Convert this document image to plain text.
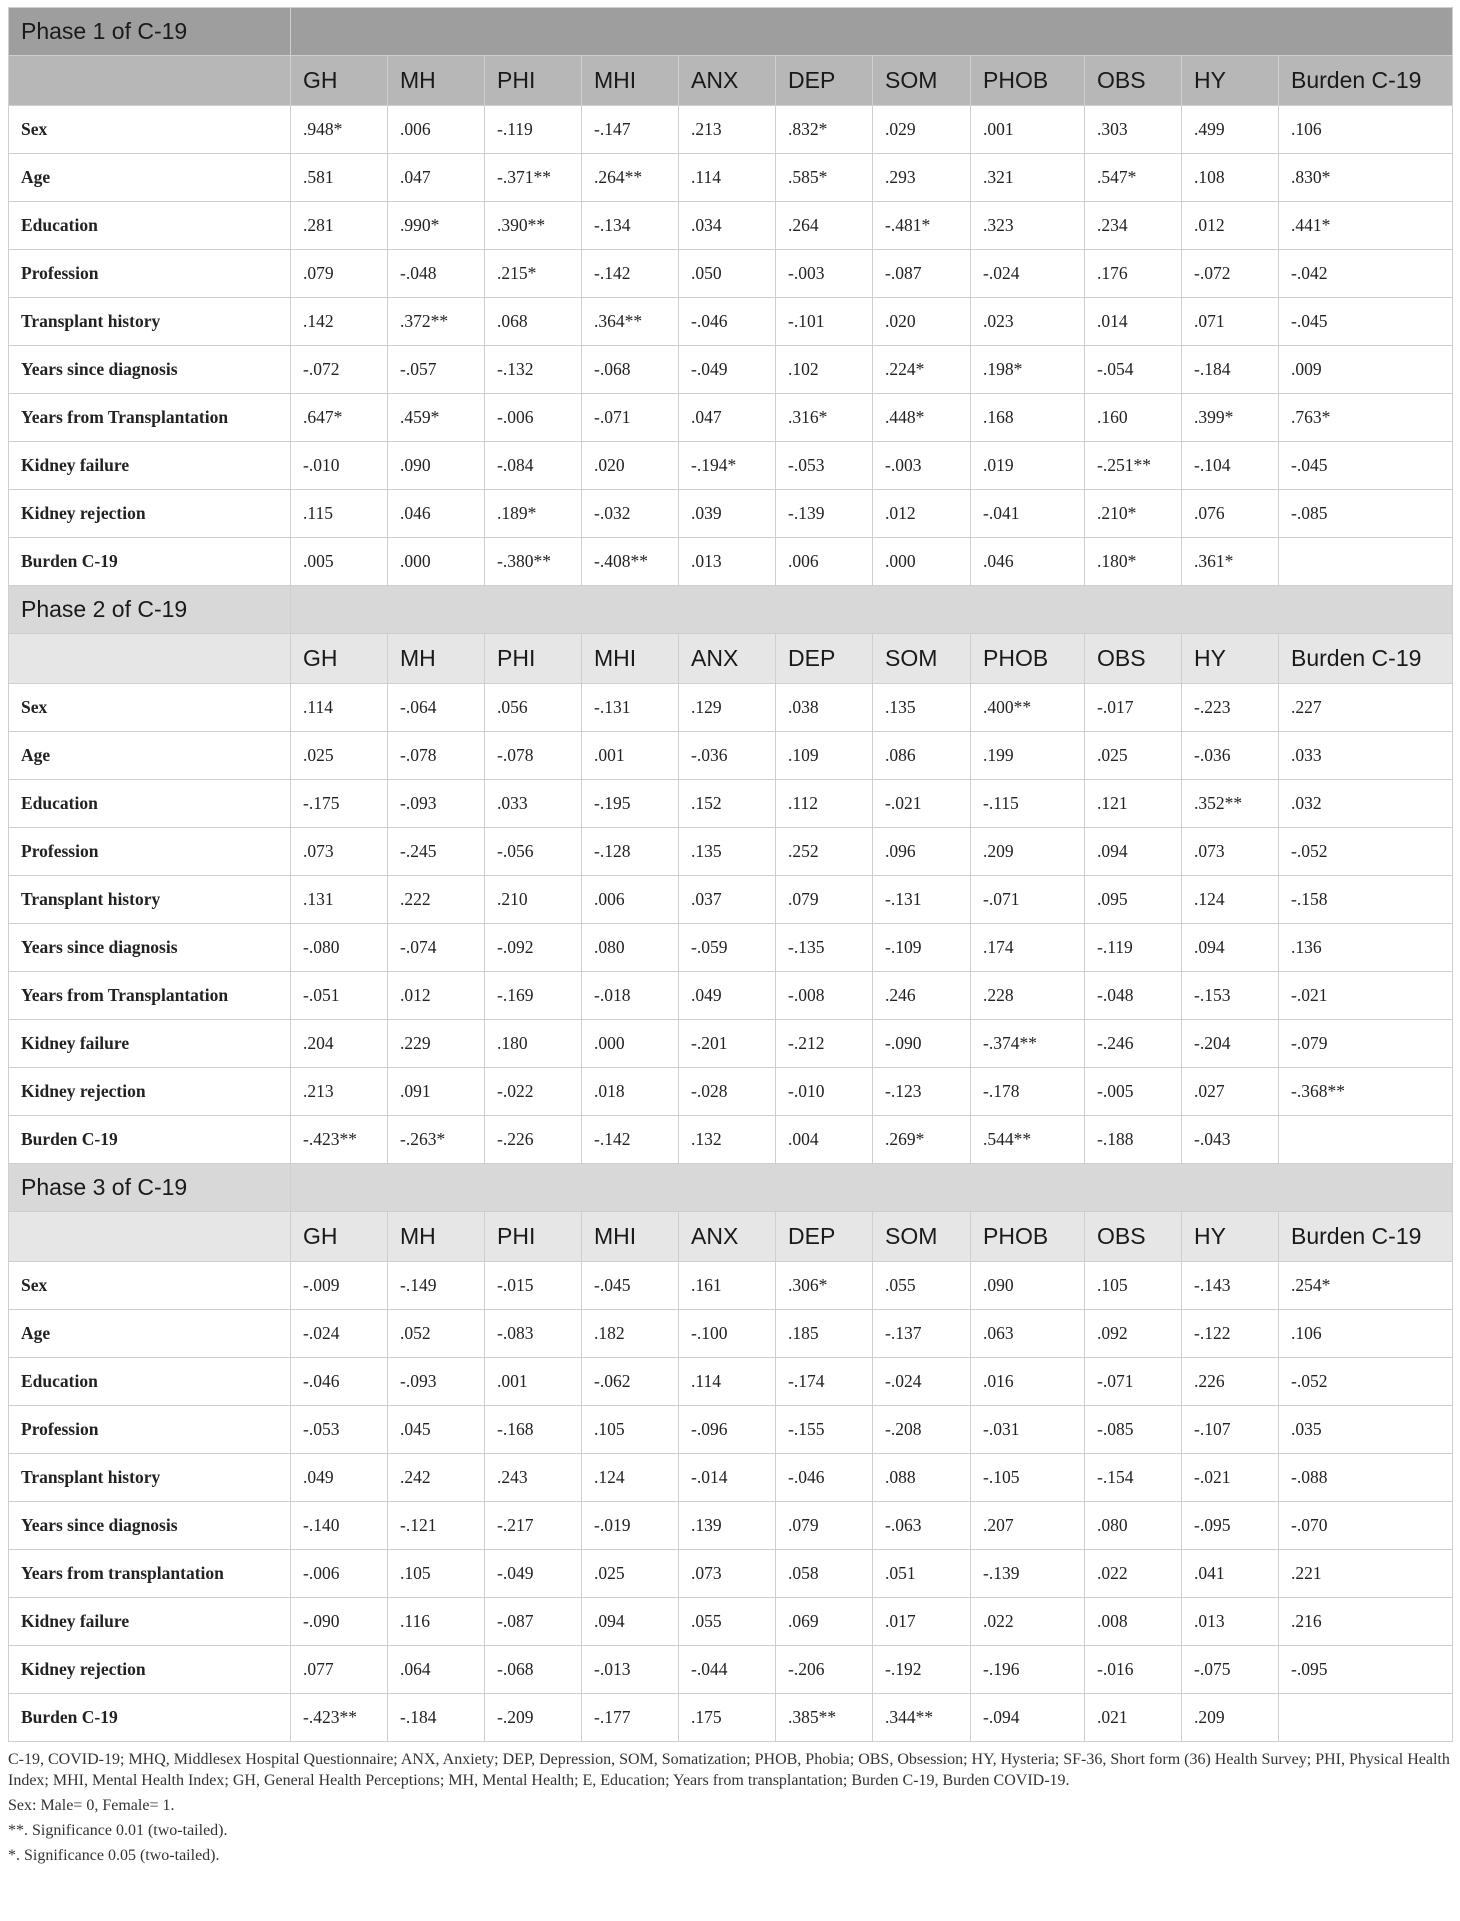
Phase 1 of C-19											
	GH	MH	PHI	MHI	ANX	DEP	SOM	PHOB	OBS	HY	Burden C-19
Sex	.948*	.006	-.119	-.147	.213	.832*	.029	.001	.303	.499	.106
Age	.581	.047	-.371**	.264**	.114	.585*	.293	.321	.547*	.108	.830*
Education	.281	.990*	.390**	-.134	.034	.264	-.481*	.323	.234	.012	.441*
Profession	.079	-.048	.215*	-.142	.050	-.003	-.087	-.024	.176	-.072	-.042
Transplant history	.142	.372**	.068	.364**	-.046	-.101	.020	.023	.014	.071	-.045
Years since diagnosis	-.072	-.057	-.132	-.068	-.049	.102	.224*	.198*	-.054	-.184	.009
Years from Transplantation	.647*	.459*	-.006	-.071	.047	.316*	.448*	.168	.160	.399*	.763*
Kidney failure	-.010	.090	-.084	.020	-.194*	-.053	-.003	.019	-.251**	-.104	-.045
Kidney rejection	.115	.046	.189*	-.032	.039	-.139	.012	-.041	.210*	.076	-.085
Burden C-19	.005	.000	-.380**	-.408**	.013	.006	.000	.046	.180*	.361*	
Phase 2 of C-19											
	GH	MH	PHI	MHI	ANX	DEP	SOM	PHOB	OBS	HY	Burden C-19
Sex	.114	-.064	.056	-.131	.129	.038	.135	.400**	-.017	-.223	.227
Age	.025	-.078	-.078	.001	-.036	.109	.086	.199	.025	-.036	.033
Education	-.175	-.093	.033	-.195	.152	.112	-.021	-.115	.121	.352**	.032
Profession	.073	-.245	-.056	-.128	.135	.252	.096	.209	.094	.073	-.052
Transplant history	.131	.222	.210	.006	.037	.079	-.131	-.071	.095	.124	-.158
Years since diagnosis	-.080	-.074	-.092	.080	-.059	-.135	-.109	.174	-.119	.094	.136
Years from Transplantation	-.051	.012	-.169	-.018	.049	-.008	.246	.228	-.048	-.153	-.021
Kidney failure	.204	.229	.180	.000	-.201	-.212	-.090	-.374**	-.246	-.204	-.079
Kidney rejection	.213	.091	-.022	.018	-.028	-.010	-.123	-.178	-.005	.027	-.368**
Burden C-19	-.423**	-.263*	-.226	-.142	.132	.004	.269*	.544**	-.188	-.043	
Phase 3 of C-19											
	GH	MH	PHI	MHI	ANX	DEP	SOM	PHOB	OBS	HY	Burden C-19
Sex	-.009	-.149	-.015	-.045	.161	.306*	.055	.090	.105	-.143	.254*
Age	-.024	.052	-.083	.182	-.100	.185	-.137	.063	.092	-.122	.106
Education	-.046	-.093	.001	-.062	.114	-.174	-.024	.016	-.071	.226	-.052
Profession	-.053	.045	-.168	.105	-.096	-.155	-.208	-.031	-.085	-.107	.035
Transplant history	.049	.242	.243	.124	-.014	-.046	.088	-.105	-.154	-.021	-.088
Years since diagnosis	-.140	-.121	-.217	-.019	.139	.079	-.063	.207	.080	-.095	-.070
Years from transplantation	-.006	.105	-.049	.025	.073	.058	.051	-.139	.022	.041	.221
Kidney failure	-.090	.116	-.087	.094	.055	.069	.017	.022	.008	.013	.216
Kidney rejection	.077	.064	-.068	-.013	-.044	-.206	-.192	-.196	-.016	-.075	-.095
Burden C-19	-.423**	-.184	-.209	-.177	.175	.385**	.344**	-.094	.021	.209	

C-19, COVID-19; MHQ, Middlesex Hospital Questionnaire; ANX, Anxiety; DEP, Depression, SOM, Somatization; PHOB, Phobia; OBS, Obsession; HY, Hysteria; SF-36, Short form (36) Health Survey; PHI, Physical Health Index; MHI, Mental Health Index; GH, General Health Perceptions; MH, Mental Health; E, Education; Years from transplantation; Burden C-19, Burden COVID-19.

Sex: Male= 0, Female= 1.

**. Significance 0.01 (two-tailed).

*. Significance 0.05 (two-tailed).
